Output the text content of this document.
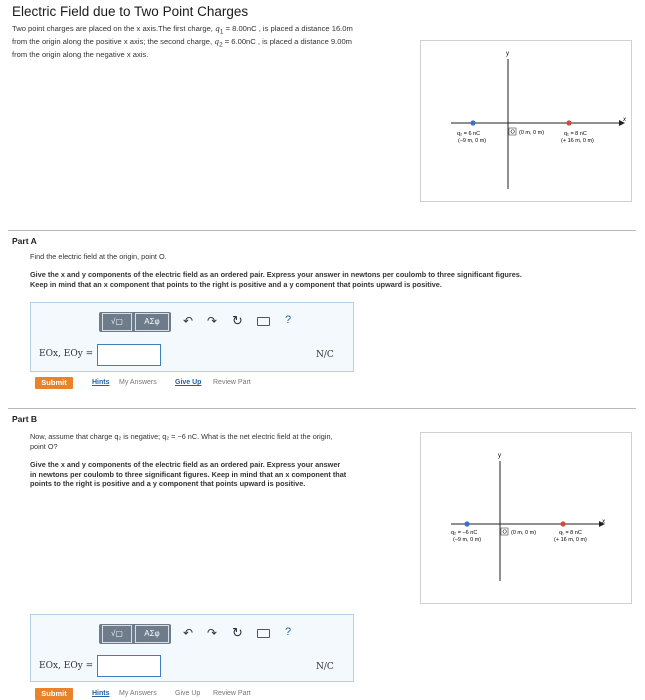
Electric Field due to Two Point Charges
Two point charges are placed on the x axis.The first charge, $q_1 = 8.00nC$ , is placed a distance 16.0m
from the origin along the positive x axis; the second charge, $q_2 = 6.00nC$ , is placed a distance 9.00m
from the origin along the negative x axis.	y
x
q₂ = 6 nC
(–9 m, 0 m)
O (0 m, 0 m)	q₁ = 8 nC
(+ 16 m, 0 m)
Part A
Find the electric field at the origin, point O.
Give the x and y components of the electric field as an ordered pair. Express your answer in newtons per coulomb to three significant figures.
Keep in mind that an x component that points to the right is positive and a y component that points upward is positive.
√▢	ΑΣφ	↶ ↷ ↻	?
EOx, EOy =	N/C
Submit	Hints My Answers	Give Up Review Part
Part B
Now, assume that charge q₂ is negative; q₂ = −6 nC. What is the net electric field at the origin,
point O?
Give the x and y components of the electric field as an ordered pair. Express your answer
in newtons per coulomb to three significant figures. Keep in mind that an x component that
points to the right is positive and a y component that points upward is positive.
y
x
q₂ = −6 nC
(–9 m, 0 m)
O (0 m, 0 m)	q₁ = 8 nC
(+ 16 m, 0 m)
√▢	ΑΣφ	↶ ↷ ↻	?
EOx, EOy =	N/C
Submit	Hints My Answers	Give Up Review Part
